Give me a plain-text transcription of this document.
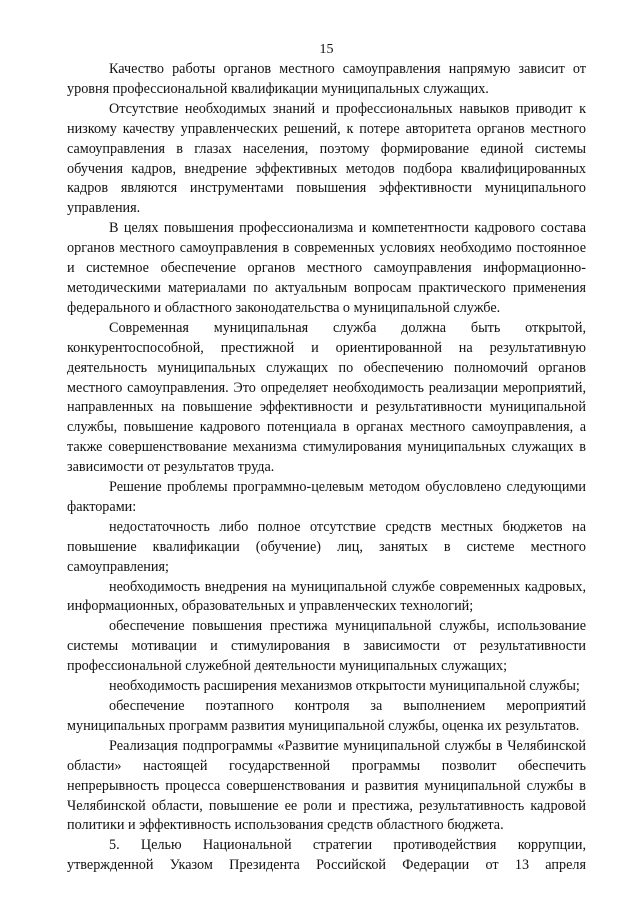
15

Качество работы органов местного самоуправления напрямую зависит от уровня профессиональной квалификации муниципальных служащих.

Отсутствие необходимых знаний и профессиональных навыков приводит к низкому качеству управленческих решений, к потере авторитета органов местного самоуправления в глазах населения, поэтому формирование единой системы обучения кадров, внедрение эффективных методов подбора квалифицированных кадров являются инструментами повышения эффективности муниципального управления.

В целях повышения профессионализма и компетентности кадрового состава органов местного самоуправления в современных условиях необходимо постоянное и системное обеспечение органов местного самоуправления информационно-методическими материалами по актуальным вопросам практического применения федерального и областного законодательства о муниципальной службе.

Современная муниципальная служба должна быть открытой, конкурентоспособной, престижной и ориентированной на результативную деятельность муниципальных служащих по обеспечению полномочий органов местного самоуправления. Это определяет необходимость реализации мероприятий, направленных на повышение эффективности и результативности муниципальной службы, повышение кадрового потенциала в органах местного самоуправления, а также совершенствование механизма стимулирования муниципальных служащих в зависимости от результатов труда.

Решение проблемы программно-целевым методом обусловлено следующими факторами:

недостаточность либо полное отсутствие средств местных бюджетов на повышение квалификации (обучение) лиц, занятых в системе местного самоуправления;

необходимость внедрения на муниципальной службе современных кадровых, информационных, образовательных и управленческих технологий;

обеспечение повышения престижа муниципальной службы, использование системы мотивации и стимулирования в зависимости от результативности профессиональной служебной деятельности муниципальных служащих;

необходимость расширения механизмов открытости муниципальной службы;

обеспечение поэтапного контроля за выполнением мероприятий муниципальных программ развития муниципальной службы, оценка их результатов.

Реализация подпрограммы «Развитие муниципальной службы в Челябинской области» настоящей государственной программы позволит обеспечить непрерывность процесса совершенствования и развития муниципальной службы в Челябинской области, повышение ее роли и престижа, результативность кадровой политики и эффективность использования средств областного бюджета.

5. Целью Национальной стратегии противодействия коррупции, утвержденной Указом Президента Российской Федерации от 13 апреля
